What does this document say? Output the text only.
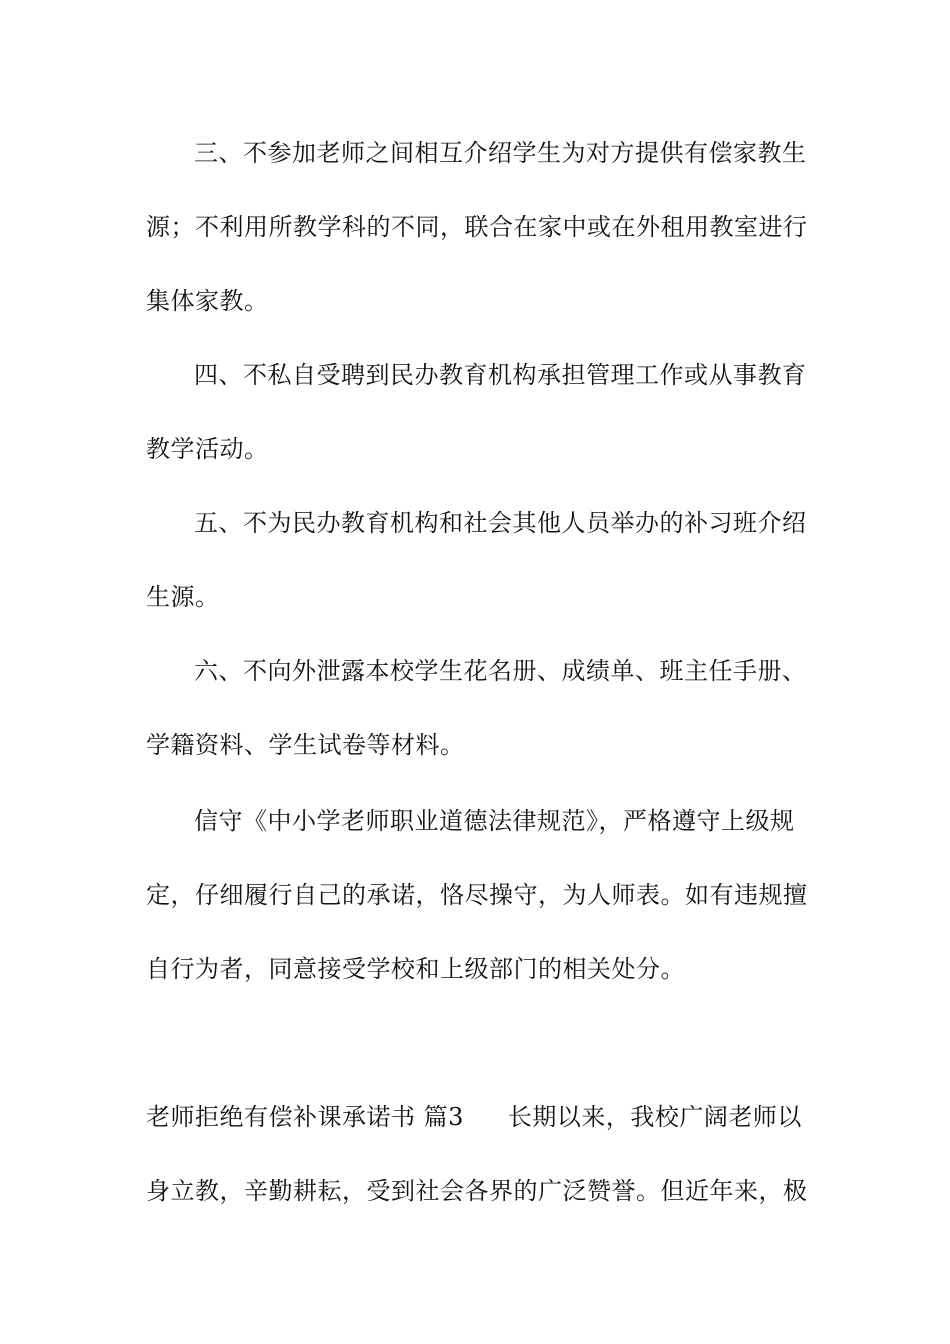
三、不参加老师之间相互介绍学生为对方提供有偿家教生
源；不利用所教学科的不同，联合在家中或在外租用教室进行
集体家教。
四、不私自受聘到民办教育机构承担管理工作或从事教育
教学活动。
五、不为民办教育机构和社会其他人员举办的补习班介绍
生源。
六、不向外泄露本校学生花名册、成绩单、班主任手册、
学籍资料、学生试卷等材料。
信守《中小学老师职业道德法律规范》，严格遵守上级规
定，仔细履行自己的承诺，恪尽操守，为人师表。如有违规擅
自行为者，同意接受学校和上级部门的相关处分。
老师拒绝有偿补课承诺书 篇3 长期以来，我校广阔老师以
身立教，辛勤耕耘，受到社会各界的广泛赞誉。但近年来，极
